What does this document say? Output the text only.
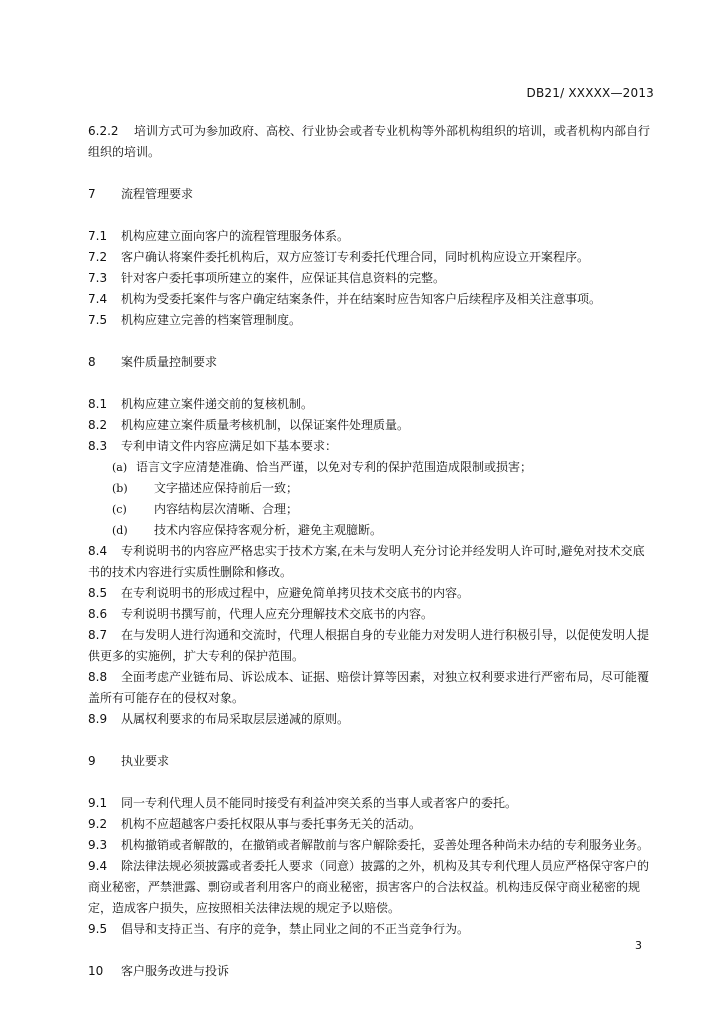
DB21/ XXXXX—2013
6.2.2 培训方式可为参加政府、高校、行业协会或者专业机构等外部机构组织的培训，或者机构内部自行组织的培训。
7 流程管理要求
7.1 机构应建立面向客户的流程管理服务体系。
7.2 客户确认将案件委托机构后，双方应签订专利委托代理合同，同时机构应设立开案程序。
7.3 针对客户委托事项所建立的案件，应保证其信息资料的完整。
7.4 机构为受委托案件与客户确定结案条件，并在结案时应告知客户后续程序及相关注意事项。
7.5 机构应建立完善的档案管理制度。
8 案件质量控制要求
8.1 机构应建立案件递交前的复核机制。
8.2 机构应建立案件质量考核机制，以保证案件处理质量。
8.3 专利申请文件内容应满足如下基本要求：
(a) 语言文字应清楚准确、恰当严谨，以免对专利的保护范围造成限制或损害；
(b) 文字描述应保持前后一致；
(c) 内容结构层次清晰、合理；
(d) 技术内容应保持客观分析，避免主观臆断。
8.4 专利说明书的内容应严格忠实于技术方案,在未与发明人充分讨论并经发明人许可时,避免对技术交底书的技术内容进行实质性删除和修改。
8.5 在专利说明书的形成过程中，应避免简单拷贝技术交底书的内容。
8.6 专利说明书撰写前，代理人应充分理解技术交底书的内容。
8.7 在与发明人进行沟通和交流时，代理人根据自身的专业能力对发明人进行积极引导，以促使发明人提供更多的实施例，扩大专利的保护范围。
8.8 全面考虑产业链布局、诉讼成本、证据、赔偿计算等因素，对独立权利要求进行严密布局，尽可能覆盖所有可能存在的侵权对象。
8.9 从属权利要求的布局采取层层递减的原则。
9 执业要求
9.1 同一专利代理人员不能同时接受有利益冲突关系的当事人或者客户的委托。
9.2 机构不应超越客户委托权限从事与委托事务无关的活动。
9.3 机构撤销或者解散的，在撤销或者解散前与客户解除委托，妥善处理各种尚未办结的专利服务业务。
9.4 除法律法规必须披露或者委托人要求（同意）披露的之外，机构及其专利代理人员应严格保守客户的商业秘密，严禁泄露、剽窃或者利用客户的商业秘密，损害客户的合法权益。机构违反保守商业秘密的规定，造成客户损失，应按照相关法律法规的规定予以赔偿。
9.5 倡导和支持正当、有序的竞争，禁止同业之间的不正当竞争行为。
10 客户服务改进与投诉
3
